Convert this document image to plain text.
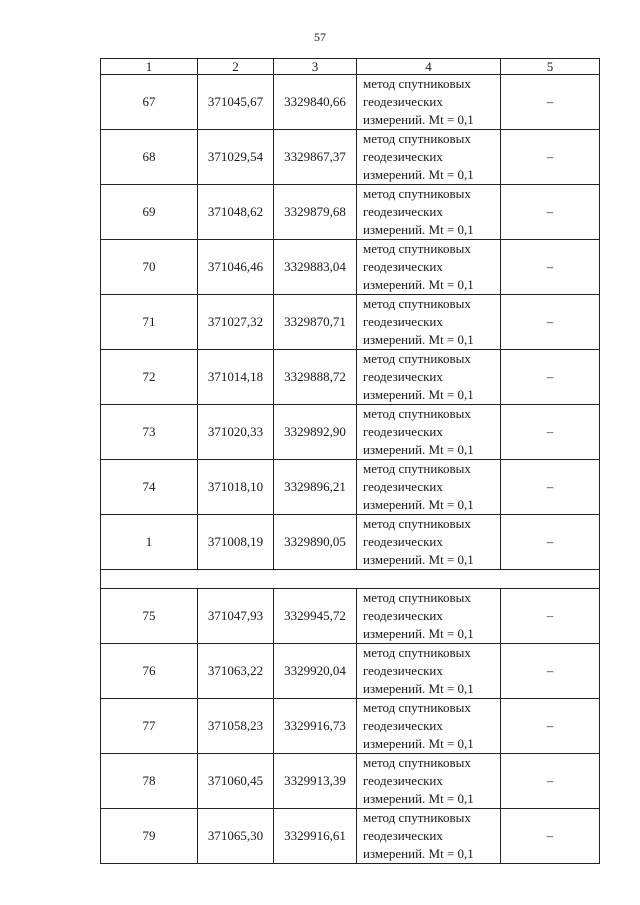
57
1	2	3	4	5
67	371045,67	3329840,66	метод спутниковых
геодезических
измерений. Mt = 0,1	–
68	371029,54	3329867,37	метод спутниковых
геодезических
измерений. Mt = 0,1	–
69	371048,62	3329879,68	метод спутниковых
геодезических
измерений. Mt = 0,1	–
70	371046,46	3329883,04	метод спутниковых
геодезических
измерений. Mt = 0,1	–
71	371027,32	3329870,71	метод спутниковых
геодезических
измерений. Mt = 0,1	–
72	371014,18	3329888,72	метод спутниковых
геодезических
измерений. Mt = 0,1	–
73	371020,33	3329892,90	метод спутниковых
геодезических
измерений. Mt = 0,1	–
74	371018,10	3329896,21	метод спутниковых
геодезических
измерений. Mt = 0,1	–
1	371008,19	3329890,05	метод спутниковых
геодезических
измерений. Mt = 0,1	–

75	371047,93	3329945,72	метод спутниковых
геодезических
измерений. Mt = 0,1	–
76	371063,22	3329920,04	метод спутниковых
геодезических
измерений. Mt = 0,1	–
77	371058,23	3329916,73	метод спутниковых
геодезических
измерений. Mt = 0,1	–
78	371060,45	3329913,39	метод спутниковых
геодезических
измерений. Mt = 0,1	–
79	371065,30	3329916,61	метод спутниковых
геодезических
измерений. Mt = 0,1	–
